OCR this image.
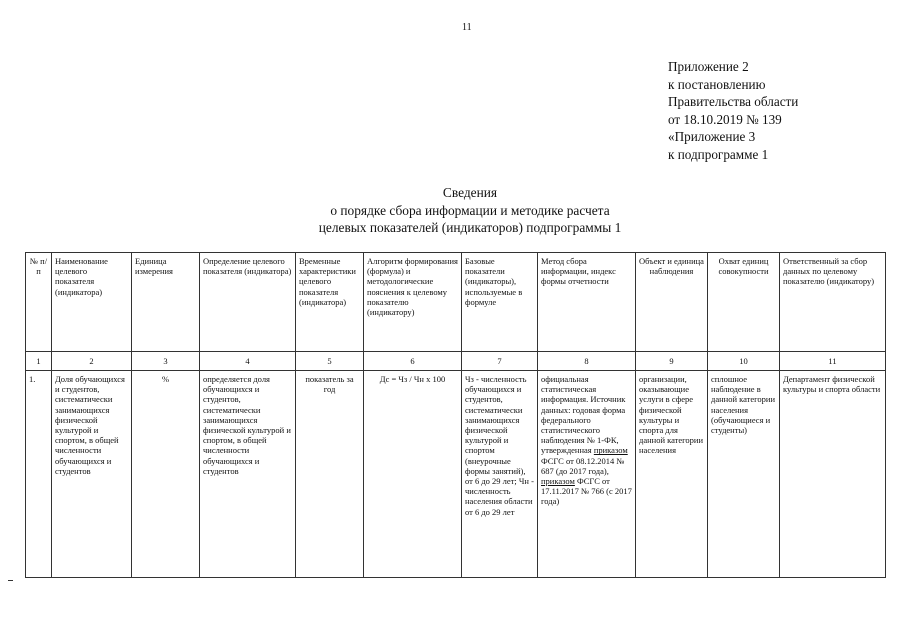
11
Приложение 2
к постановлению
Правительства области
от 18.10.2019 № 139
«Приложение 3
к подпрограмме 1
Сведения
о порядке сбора информации и методике расчета
целевых показателей (индикаторов) подпрограммы 1
№ п/п	Наименование целевого показателя (индикатора)	Единица измерения	Определение целевого показателя (индикатора)	Временные характеристики целевого показателя (индикатора)	Алгоритм формирования (формула) и методологические пояснения к целевому показателю (индикатору)	Базовые показатели (индикаторы), используемые в формуле	Метод сбора информации, индекс формы отчетности	Объект и единица наблюдения	Охват единиц совокупности	Ответственный за сбор данных по целевому показателю (индикатору)
1	2	3	4	5	6	7	8	9	10	11
1.	Доля обучающихся и студентов, систематически занимающихся физической культурой и спортом, в общей численности обучающихся и студентов	%	определяется доля обучающихся и студентов, систематически занимающихся физической культурой и спортом, в общей численности обучающихся и студентов	показатель за год	Дс = Чз / Чн х 100	Чз - численность обучающихся и студентов, систематически занимающихся физической культурой и спортом (внеурочные формы занятий), от 6 до 29 лет; Чн - численность населения области от 6 до 29 лет	официальная статистическая информация. Источник данных: годовая форма федерального статистического наблюдения № 1-ФК, утвержденная приказом ФСГС от 08.12.2014 № 687 (до 2017 года), приказом ФСГС от 17.11.2017 № 766 (с 2017 года)	организации, оказывающие услуги в сфере физической культуры и спорта для данной категории населения	сплошное наблюдение в данной категории населения (обучающиеся и студенты)	Департамент физической культуры и спорта области
